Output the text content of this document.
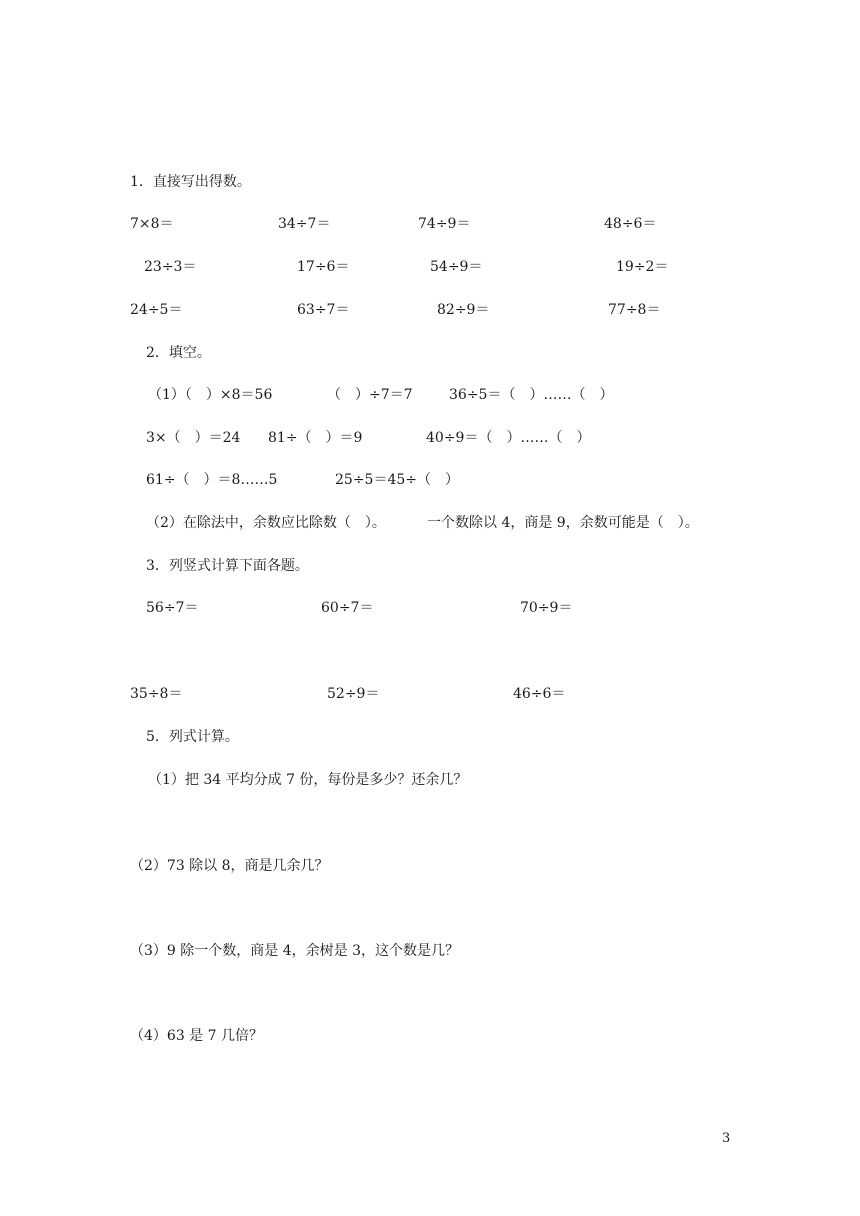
1．直接写出得数。
7×8＝	34÷7＝	74÷9＝	48÷6＝
23÷3＝	17÷6＝	54÷9＝	19÷2＝
24÷5＝	63÷7＝	82÷9＝	77÷8＝
2．填空。
（1）（　）×8＝56	（　）÷7＝7	36÷5＝（　）……（　）
3×（　）＝24 81÷（　）＝9	40÷9＝（　）……（　）
61÷（　）＝8……5	25÷5＝45÷（　）
（2）在除法中，余数应比除数（　）。	一个数除以 4，商是 9，余数可能是（　）。
3．列竖式计算下面各题。
56÷7＝	60÷7＝	70÷9＝
35÷8＝	52÷9＝	46÷6＝
5．列式计算。
（1）把 34 平均分成 7 份，每份是多少？还余几？
（2）73 除以 8，商是几余几？
（3）9 除一个数，商是 4，余树是 3，这个数是几？
（4）63 是 7 几倍？
3
